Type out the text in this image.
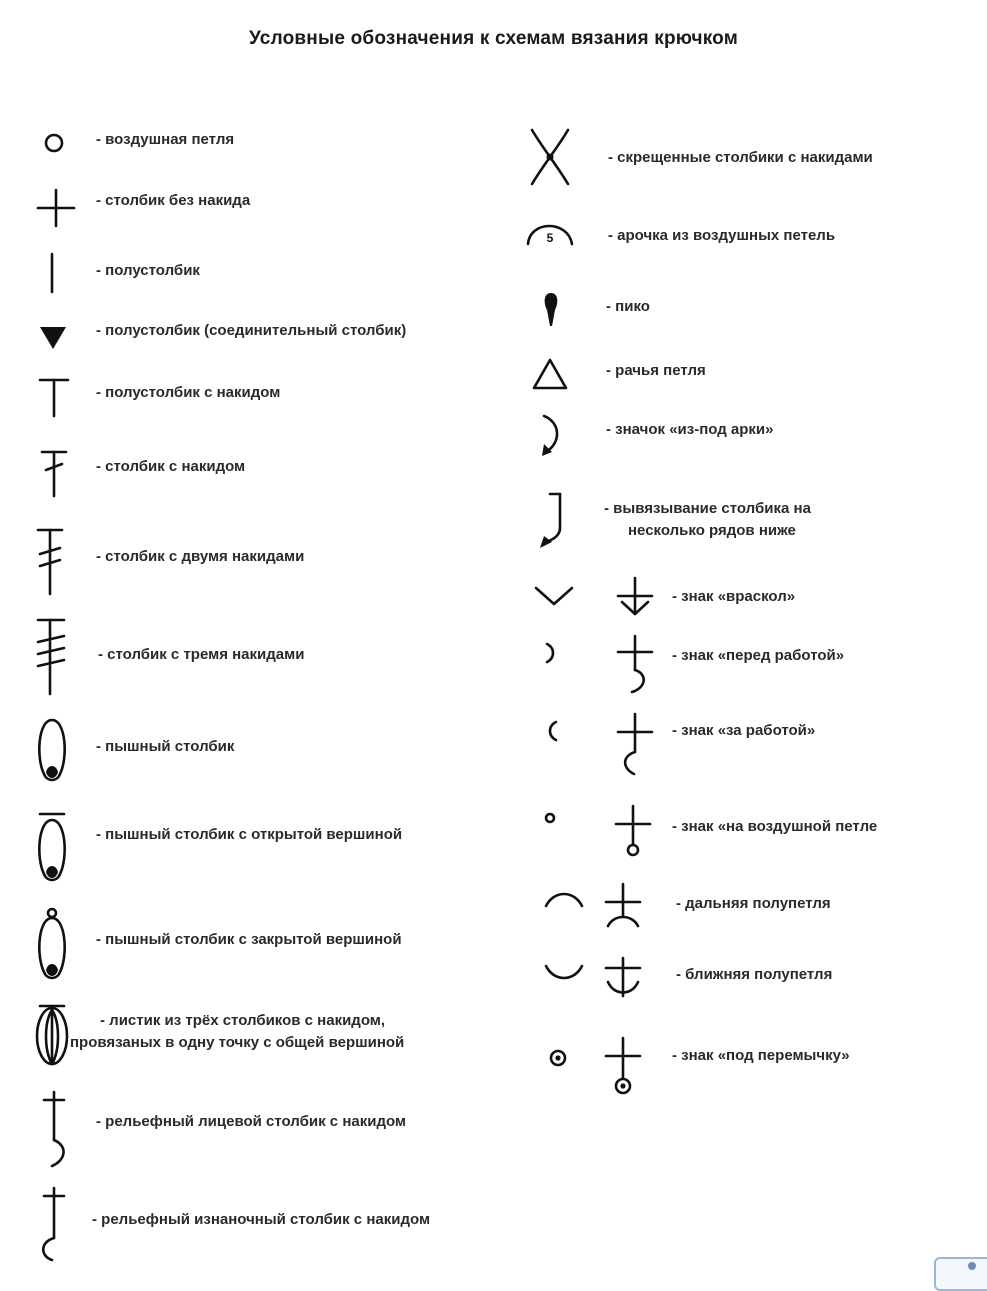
Условные обозначения к схемам вязания крючком
- воздушная петля
- столбик без накида
- полустолбик
- полустолбик (соединительный столбик)
- полустолбик с накидом
- столбик с накидом
- столбик с двумя накидами
- столбик с тремя накидами
- пышный столбик
- пышный столбик с открытой вершиной
- пышный столбик с закрытой вершиной
- листик из трёх столбиков с накидом,
провязаных в одну точку с общей вершиной
- рельефный лицевой столбик с накидом
- рельефный изнаночный столбик с накидом
- скрещенные столбики с накидами
5	- арочка из воздушных петель
- пико
- рачья петля
- значок «из-под арки»
- вывязывание столбика на
несколько рядов ниже
- знак «враскол»
- знак «перед работой»
- знак «за работой»
- знак «на воздушной петле
- дальняя полупетля
- ближняя полупетля
- знак «под перемычку»
